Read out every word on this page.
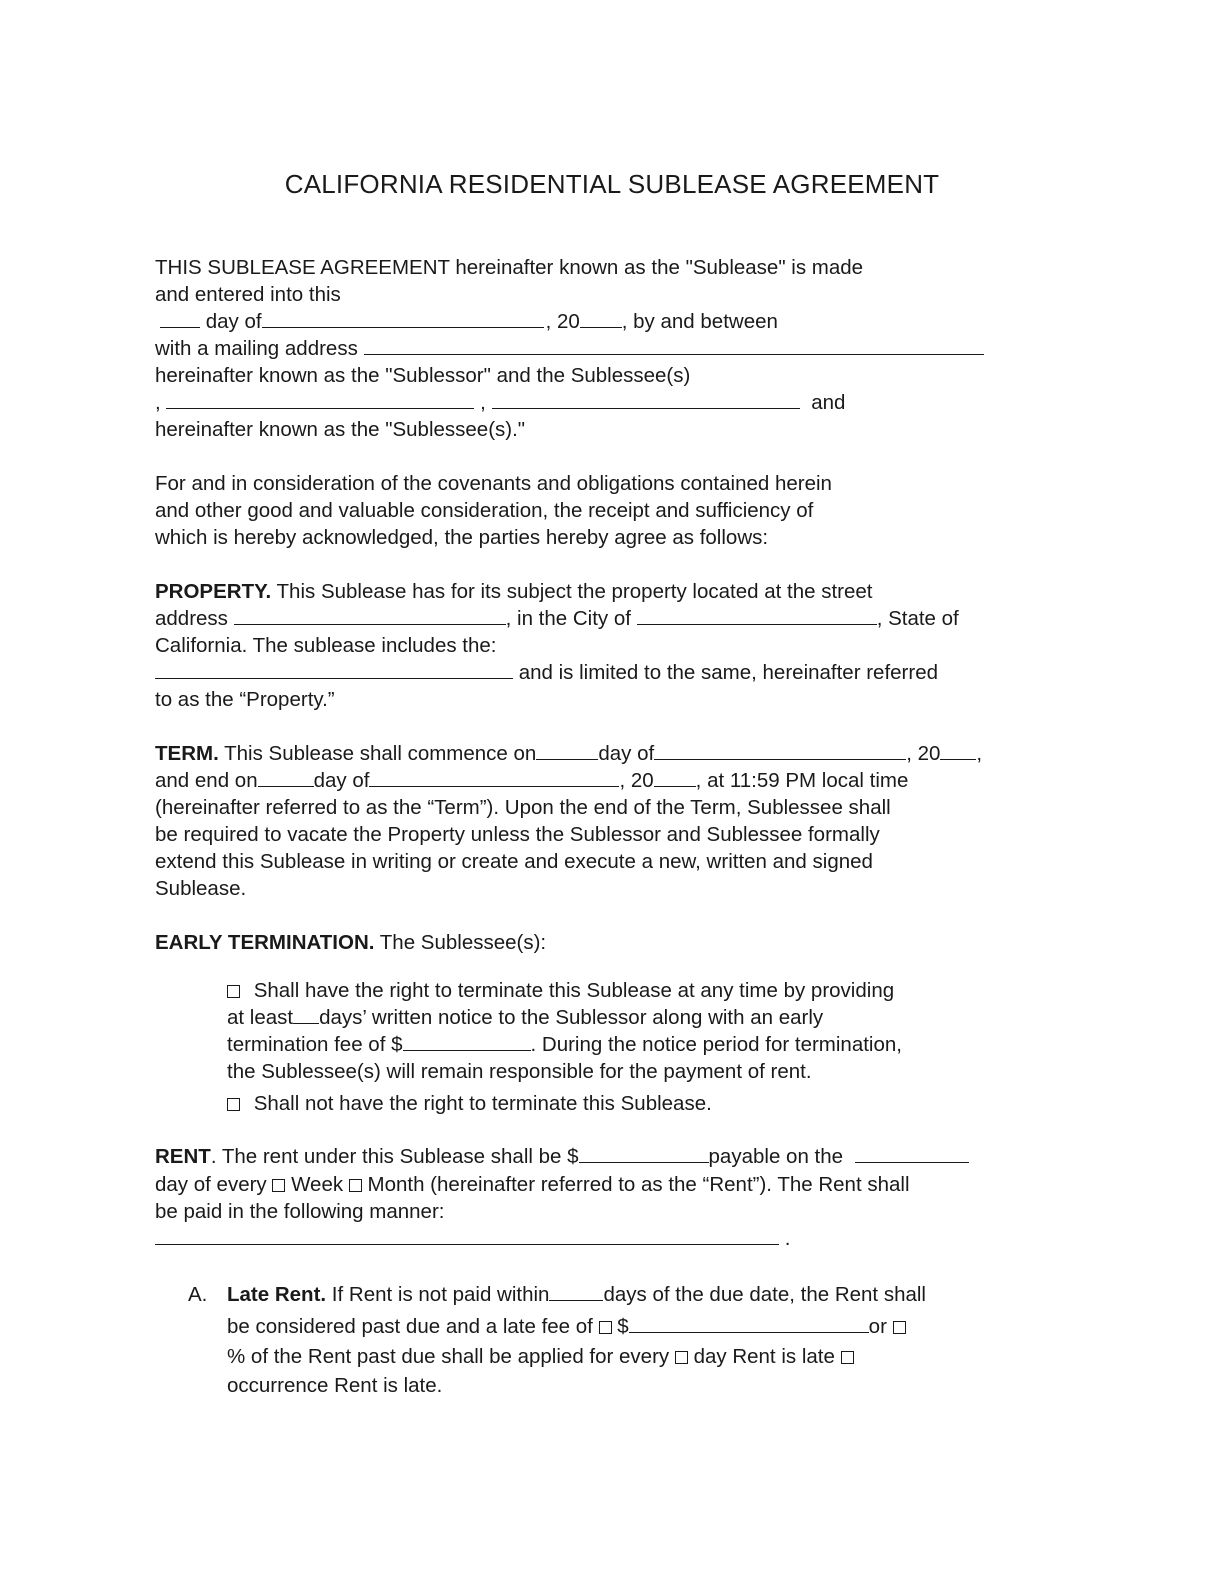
CALIFORNIA RESIDENTIAL SUBLEASE AGREEMENT
THIS SUBLEASE AGREEMENT hereinafter known as the "Sublease" is made
and entered into this
day of	, 20 , by and between
with a mailing address
hereinafter known as the "Sublessor" and the Sublessee(s)
,	,	and
hereinafter known as the "Sublessee(s)."
For and in consideration of the covenants and obligations contained herein
and other good and valuable consideration, the receipt and sufficiency of
which is hereby acknowledged, the parties hereby agree as follows:
PROPERTY. This Sublease has for its subject the property located at the street
address	, in the City of	, State of
California. The sublease includes the:
and is limited to the same, hereinafter referred
to as the “Property.”
TERM. This Sublease shall commence on	day of	, 20 ,
and end on	day of	, 20 , at 11:59 PM local time
(hereinafter referred to as the “Term”). Upon the end of the Term, Sublessee shall
be required to vacate the Property unless the Sublessor and Sublessee formally
extend this Sublease in writing or create and execute a new, written and signed
Sublease.
EARLY TERMINATION. The Sublessee(s):
Shall have the right to terminate this Sublease at any time by providing
at least days’ written notice to the Sublessor along with an early
termination fee of $	. During the notice period for termination,
the Sublessee(s) will remain responsible for the payment of rent.
Shall not have the right to terminate this Sublease.
RENT. The rent under this Sublease shall be $	payable on the
day of every Week Month (hereinafter referred to as the “Rent”). The Rent shall
be paid in the following manner:
.
A. Late Rent. If Rent is not paid within	days of the due date, the Rent shall
be considered past due and a late fee of $	or
% of the Rent past due shall be applied for every day Rent is late
occurrence Rent is late.
